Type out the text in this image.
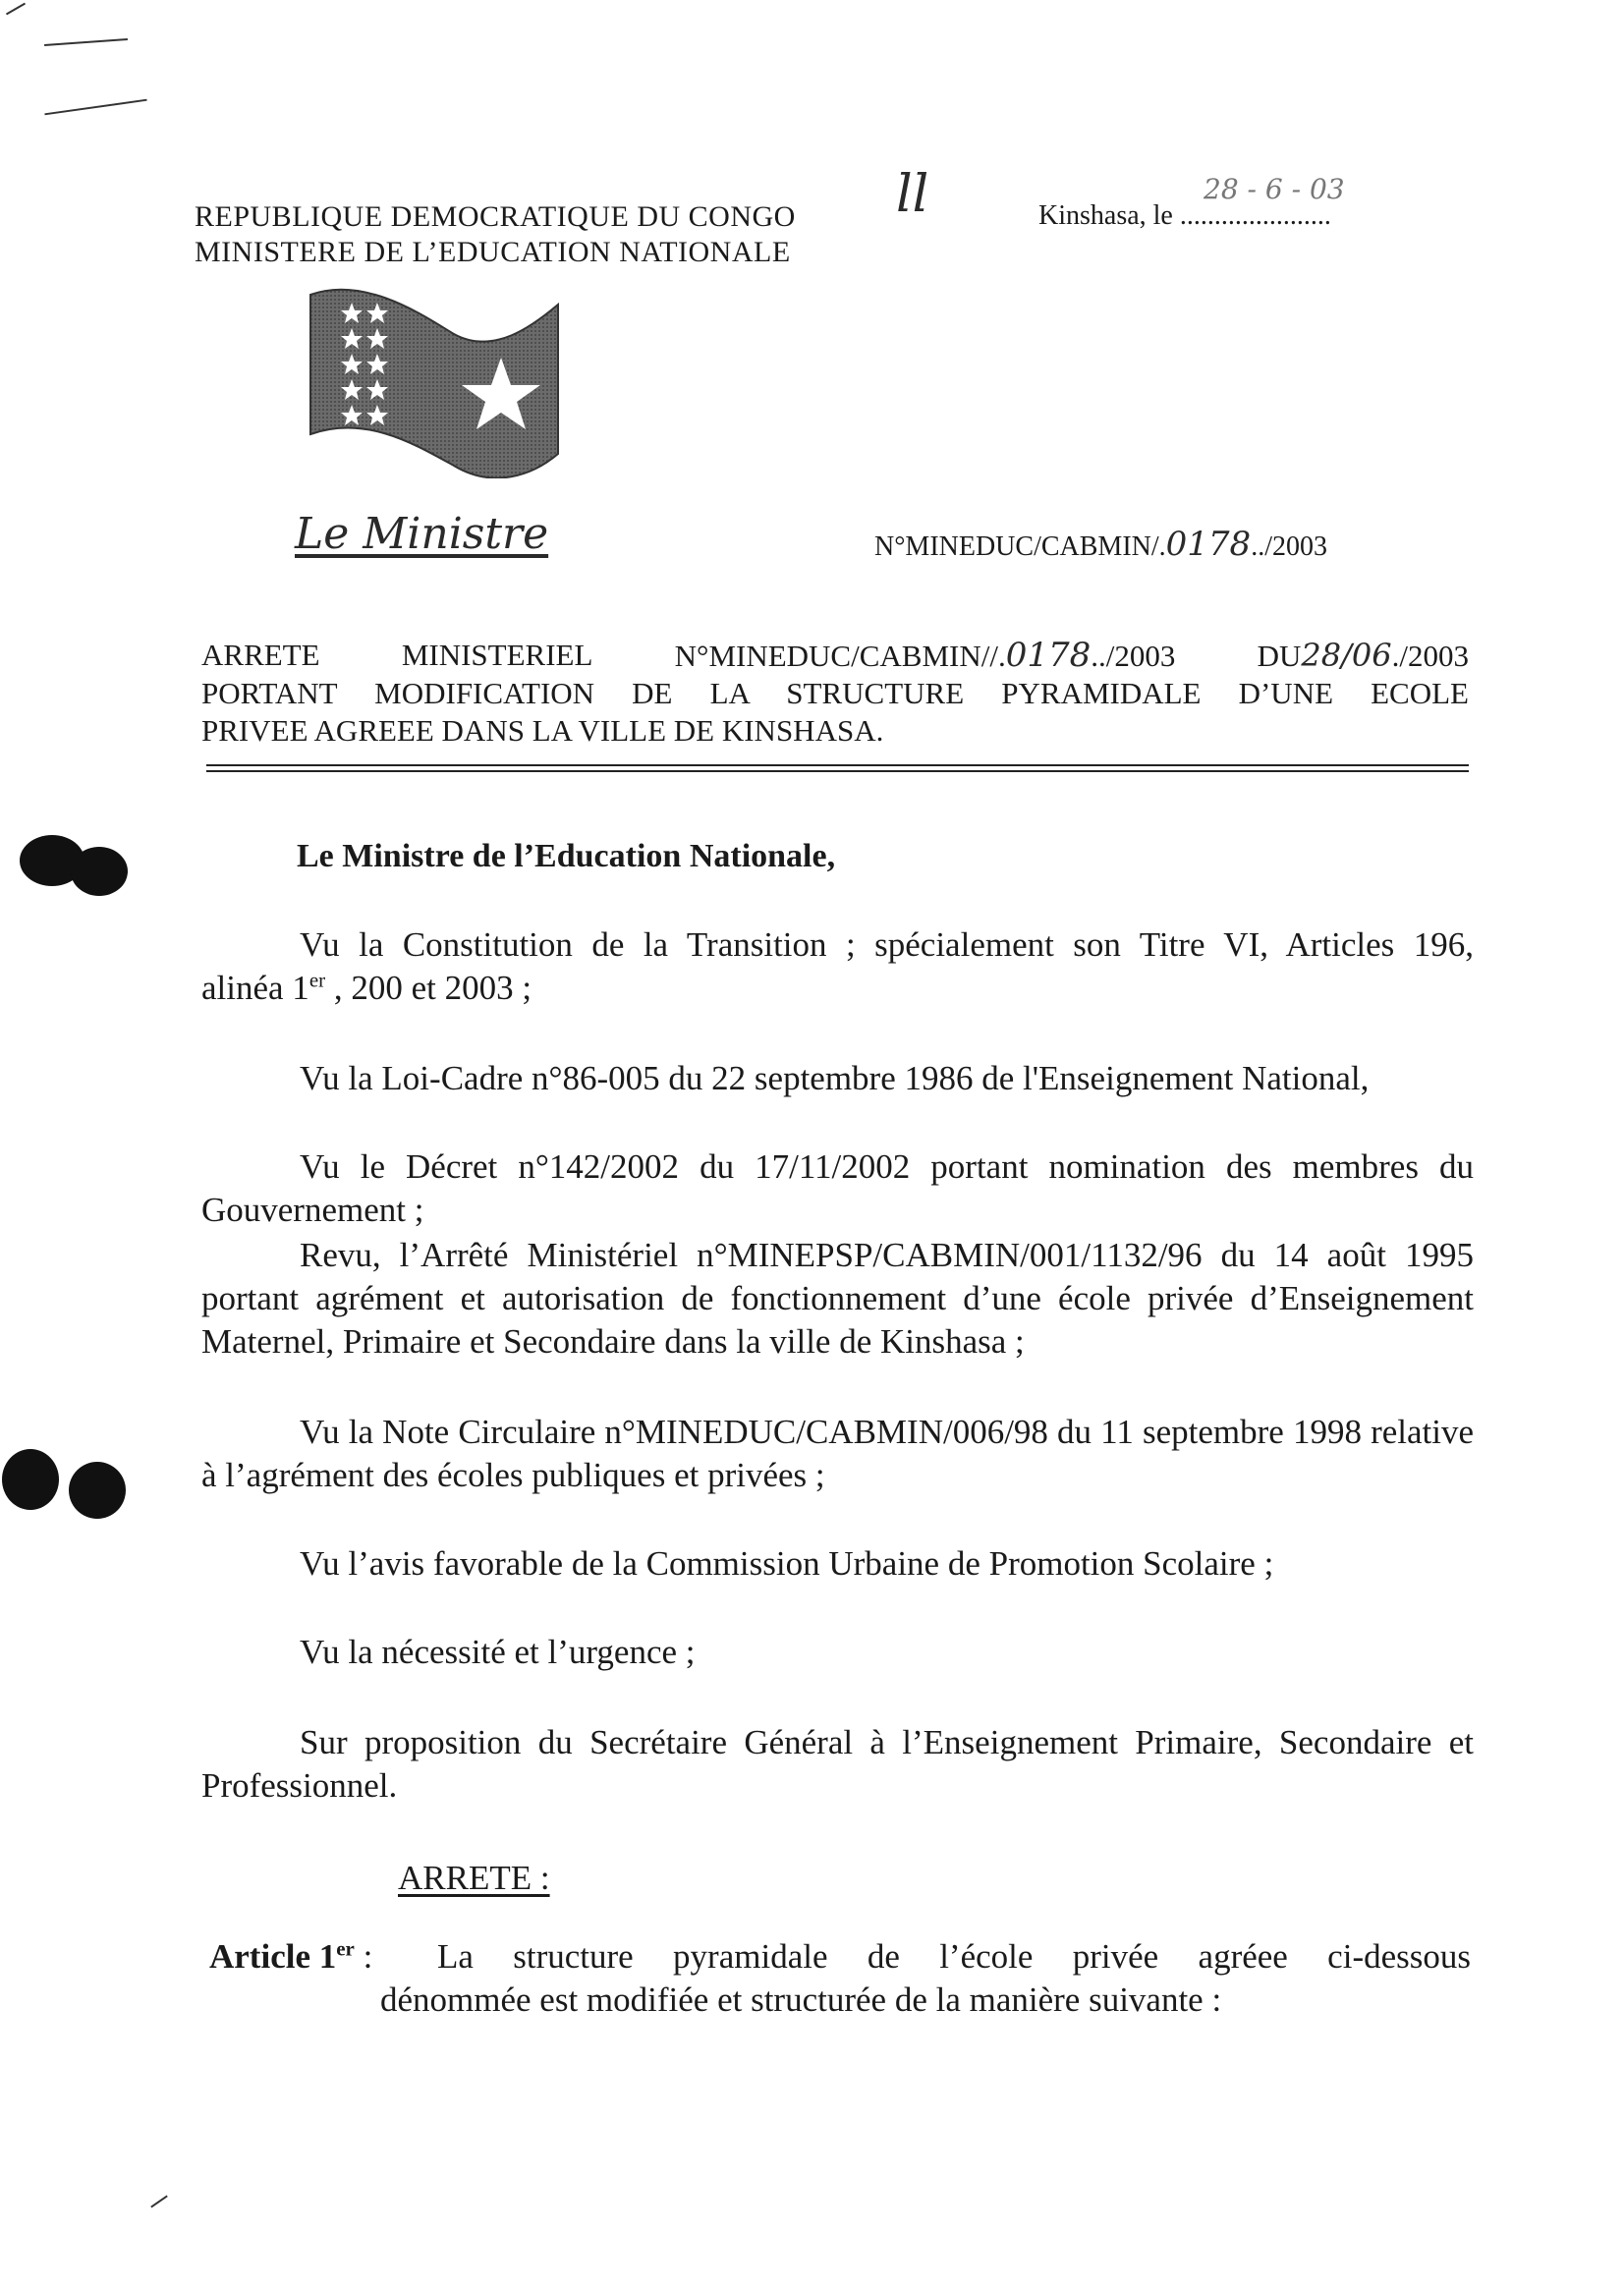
REPUBLIQUE DEMOCRATIQUE DU CONGO
MINISTERE DE L’EDUCATION NATIONALE
ll	Kinshasa, le ......................
28 - 6 - 03
Le Ministre	N°MINEDUC/CABMIN/.0178../2003
ARRETE	MINISTERIEL	N°MINEDUC/CABMIN//.0178../2003	DU28/06./2003
PORTANT MODIFICATION DE LA STRUCTURE PYRAMIDALE D’UNE ECOLE
PRIVEE AGREEE DANS LA VILLE DE KINSHASA.
Le Ministre de l’Education Nationale,
Vu la Constitution de la Transition ; spécialement son Titre VI, Articles 196,
alinéa 1er , 200 et 2003 ;
Vu la Loi-Cadre n°86-005 du 22 septembre 1986 de l'Enseignement National,
Vu le Décret n°142/2002 du 17/11/2002 portant nomination des membres du Gouvernement ;
Revu, l’Arrêté Ministériel n°MINEPSP/CABMIN/001/1132/96 du 14 août 1995 portant agrément et autorisation de fonctionnement d’une école privée d’Enseignement Maternel, Primaire et Secondaire dans la ville de Kinshasa ;
Vu la Note Circulaire n°MINEDUC/CABMIN/006/98 du 11 septembre 1998 relative à l’agrément des écoles publiques et privées ;
Vu l’avis favorable de la Commission Urbaine de Promotion Scolaire ;
Vu la nécessité et l’urgence ;
Sur proposition du Secrétaire Général à l’Enseignement Primaire, Secondaire et Professionnel.
ARRETE :
Article 1er : La structure pyramidale de l’école privée agréee ci-dessous
dénommée est modifiée et structurée de la manière suivante :
